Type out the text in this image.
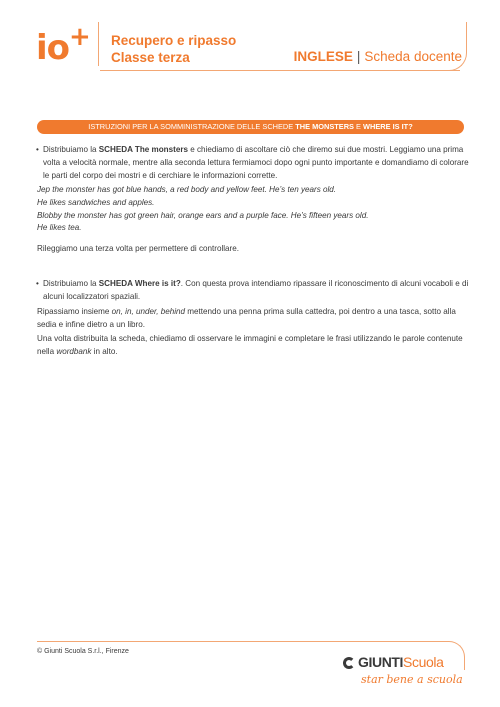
io + Recupero e ripasso
Classe terza	INGLESE | Scheda docente
ISTRUZIONI PER LA SOMMINISTRAZIONE DELLE SCHEDE THE MONSTERS E WHERE IS IT?
• Distribuiamo la SCHEDA The monsters e chiediamo di ascoltare ciò che diremo sui due mostri. Leggiamo una prima volta a velocità normale, mentre alla seconda lettura fermiamoci dopo ogni punto importante e domandiamo di colorare le parti del corpo dei mostri e di cerchiare le informazioni corrette.
Jep the monster has got blue hands, a red body and yellow feet. He’s ten years old.
He likes sandwiches and apples.
Blobby the monster has got green hair, orange ears and a purple face. He’s fifteen years old.
He likes tea.
Rileggiamo una terza volta per permettere di controllare.
• Distribuiamo la SCHEDA Where is it?. Con questa prova intendiamo ripassare il riconoscimento di alcuni vocaboli e di alcuni localizzatori spaziali.
Ripassiamo insieme on, in, under, behind mettendo una penna prima sulla cattedra, poi dentro a una tasca, sotto alla sedia e infine dietro a un libro.
Una volta distribuita la scheda, chiediamo di osservare le immagini e completare le frasi utilizzando le parole contenute nella wordbank in alto.
© Giunti Scuola S.r.l., Firenze
GIUNTIScuola
star bene a scuola
